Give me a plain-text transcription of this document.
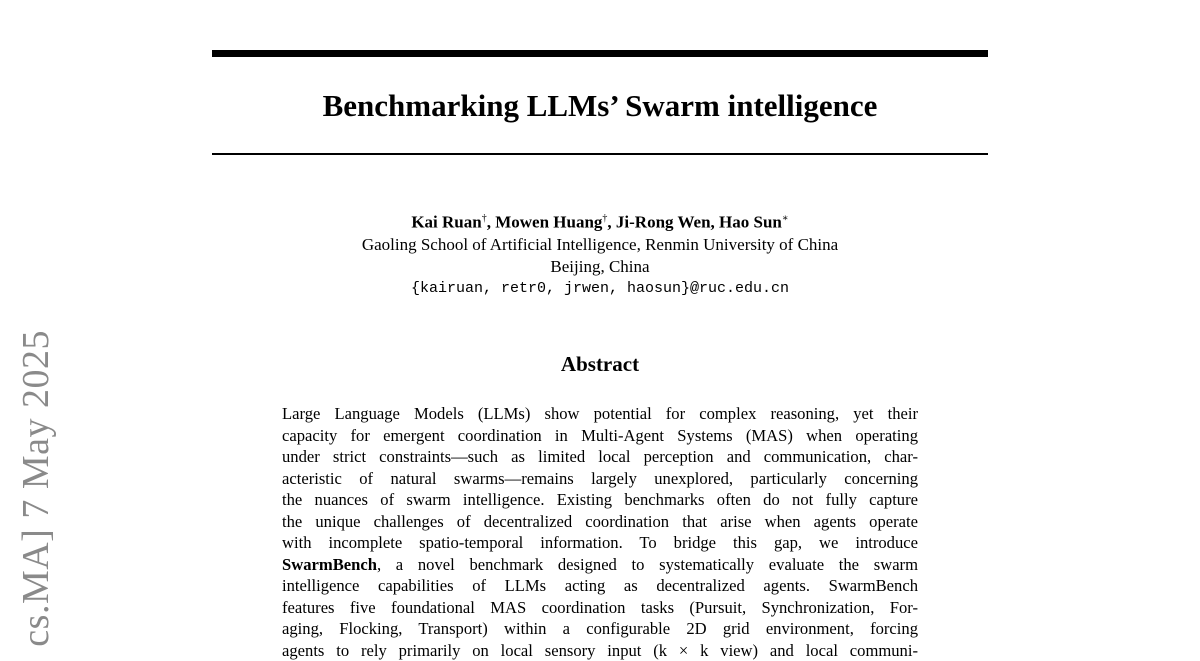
cs.MA] 7 May 2025
Benchmarking LLMs’ Swarm intelligence
Kai Ruan†, Mowen Huang†, Ji-Rong Wen, Hao Sun∗
Gaoling School of Artificial Intelligence, Renmin University of China
Beijing, China
{kairuan, retr0, jrwen, haosun}@ruc.edu.cn
Abstract
Large Language Models (LLMs) show potential for complex reasoning, yet their
capacity for emergent coordination in Multi-Agent Systems (MAS) when operating
under strict constraints—such as limited local perception and communication, char-
acteristic of natural swarms—remains largely unexplored, particularly concerning
the nuances of swarm intelligence. Existing benchmarks often do not fully capture
the unique challenges of decentralized coordination that arise when agents operate
with incomplete spatio-temporal information. To bridge this gap, we introduce
SwarmBench, a novel benchmark designed to systematically evaluate the swarm
intelligence capabilities of LLMs acting as decentralized agents. SwarmBench
features five foundational MAS coordination tasks (Pursuit, Synchronization, For-
aging, Flocking, Transport) within a configurable 2D grid environment, forcing
agents to rely primarily on local sensory input (k × k view) and local communi-
